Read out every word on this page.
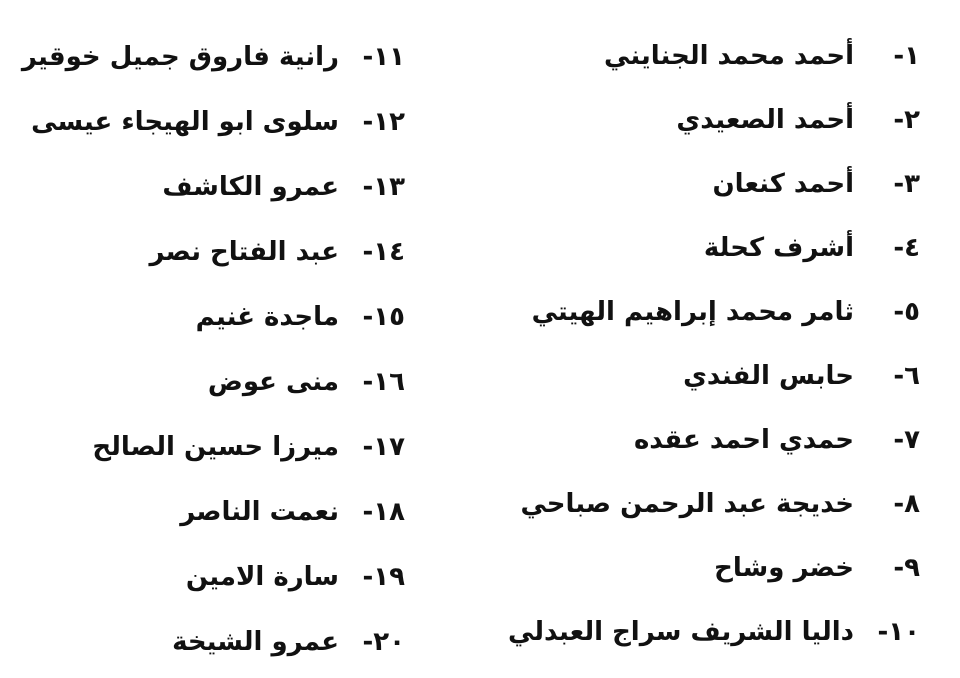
١-
أحمد محمد الجنايني
٢-
أحمد الصعيدي
٣-
أحمد كنعان
٤-
أشرف كحلة
٥-
ثامر محمد إبراهيم الهيتي
٦-
حابس الفندي
٧-
حمدي احمد عقده
٨-
خديجة عبد الرحمن صباحي
٩-
خضر وشاح
١٠-
داليا الشريف سراج العبدلي
١١-
رانية فاروق جميل خوقير
١٢-
سلوى ابو الهيجاء عيسى
١٣-
عمرو الكاشف
١٤-
عبد الفتاح نصر
١٥-
ماجدة غنيم
١٦-
منى عوض
١٧-
ميرزا حسين الصالح
١٨-
نعمت الناصر
١٩-
سارة الامين
٢٠-
عمرو الشيخة
